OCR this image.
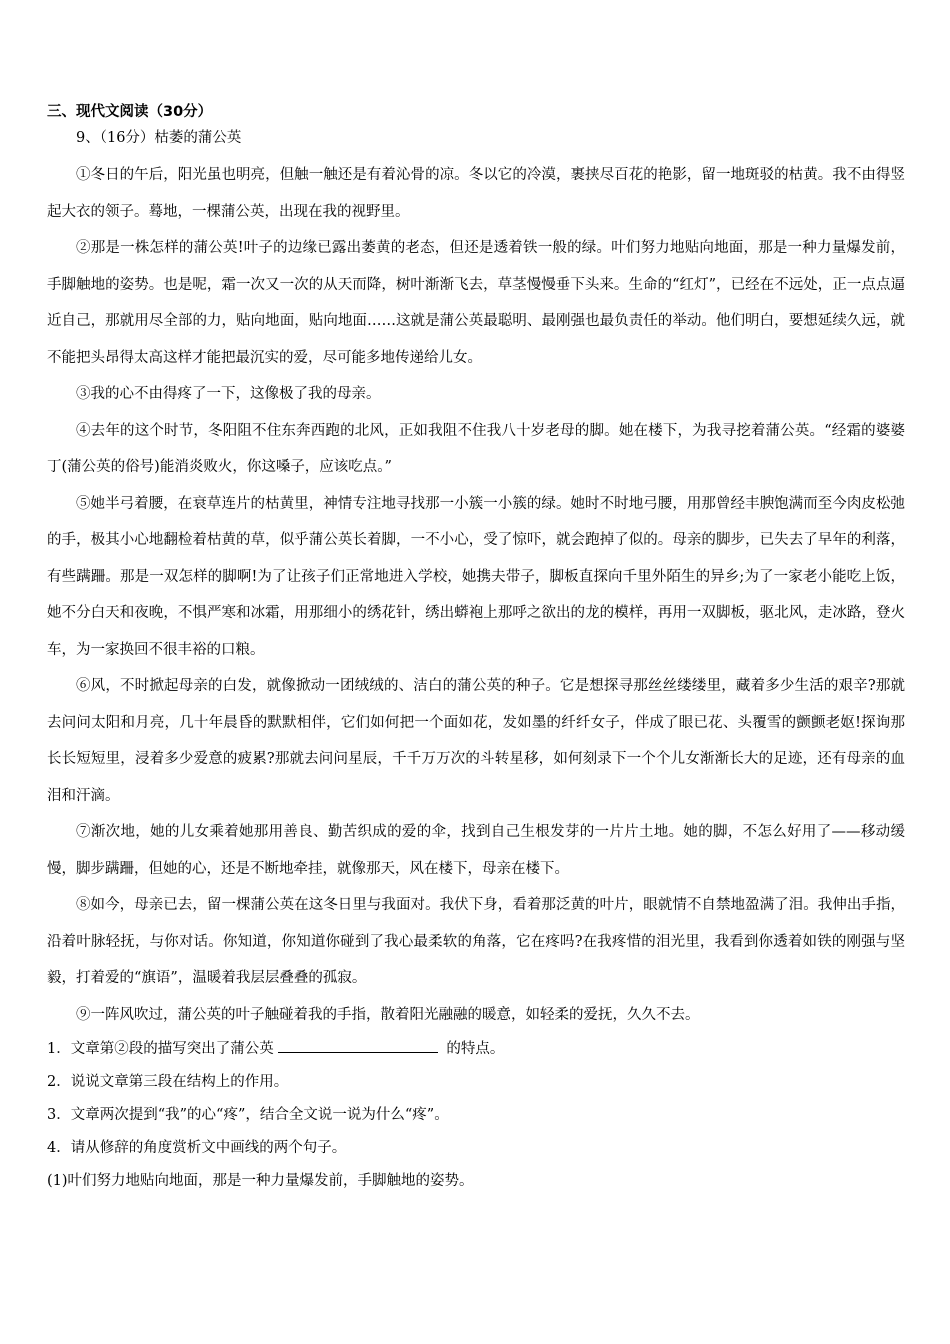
三、现代文阅读（30分）
9、（16分）枯萎的蒲公英

①冬日的午后，阳光虽也明亮，但触一触还是有着沁骨的凉。冬以它的冷漠，裹挟尽百花的艳影，留一地斑驳的枯黄。我不由得竖起大衣的领子。蓦地，一棵蒲公英，出现在我的视野里。

②那是一株怎样的蒲公英!叶子的边缘已露出萎黄的老态，但还是透着铁一般的绿。叶们努力地贴向地面，那是一种力量爆发前，手脚触地的姿势。也是呢，霜一次又一次的从天而降，树叶渐渐飞去，草茎慢慢垂下头来。生命的“红灯”，已经在不远处，正一点点逼近自己，那就用尽全部的力，贴向地面，贴向地面……这就是蒲公英最聪明、最刚强也最负责任的举动。他们明白，要想延续久远，就不能把头昂得太高这样才能把最沉实的爱，尽可能多地传递给儿女。

③我的心不由得疼了一下，这像极了我的母亲。

④去年的这个时节，冬阳阻不住东奔西跑的北风，正如我阻不住我八十岁老母的脚。她在楼下，为我寻挖着蒲公英。“经霜的婆婆丁(蒲公英的俗号)能消炎败火，你这嗓子，应该吃点。”

⑤她半弓着腰，在衰草连片的枯黄里，神情专注地寻找那一小簇一小簇的绿。她时不时地弓腰，用那曾经丰腴饱满而至今肉皮松弛的手，极其小心地翻检着枯黄的草，似乎蒲公英长着脚，一不小心，受了惊吓，就会跑掉了似的。母亲的脚步，已失去了早年的利落，有些蹒跚。那是一双怎样的脚啊!为了让孩子们正常地进入学校，她携夫带子，脚板直探向千里外陌生的异乡;为了一家老小能吃上饭，她不分白天和夜晚，不惧严寒和冰霜，用那细小的绣花针，绣出蟒袍上那呼之欲出的龙的模样，再用一双脚板，驱北风，走冰路，登火车，为一家换回不很丰裕的口粮。

⑥风，不时掀起母亲的白发，就像掀动一团绒绒的、洁白的蒲公英的种子。它是想探寻那丝丝缕缕里，藏着多少生活的艰辛?那就去问问太阳和月亮，几十年晨昏的默默相伴，它们如何把一个面如花，发如墨的纤纤女子，伴成了眼已花、头覆雪的颤颤老妪!探询那长长短短里，浸着多少爱意的疲累?那就去问问星辰，千千万万次的斗转星移，如何刻录下一个个儿女渐渐长大的足迹，还有母亲的血泪和汗滴。

⑦渐次地，她的儿女乘着她那用善良、勤苦织成的爱的伞，找到自己生根发芽的一片片土地。她的脚，不怎么好用了——移动缓慢，脚步蹒跚，但她的心，还是不断地牵挂，就像那天，风在楼下，母亲在楼下。

⑧如今，母亲已去，留一棵蒲公英在这冬日里与我面对。我伏下身，看着那泛黄的叶片，眼就情不自禁地盈满了泪。我伸出手指，沿着叶脉轻抚，与你对话。你知道，你知道你碰到了我心最柔软的角落，它在疼吗?在我疼惜的泪光里，我看到你透着如铁的刚强与坚毅，打着爱的“旗语”，温暖着我层层叠叠的孤寂。

⑨一阵风吹过，蒲公英的叶子触碰着我的手指，散着阳光融融的暖意，如轻柔的爱抚，久久不去。

1．文章第②段的描写突出了蒲公英	的特点。

2．说说文章第三段在结构上的作用。

3．文章两次提到“我”的心“疼”，结合全文说一说为什么“疼”。

4．请从修辞的角度赏析文中画线的两个句子。

(1)叶们努力地贴向地面，那是一种力量爆发前，手脚触地的姿势。
